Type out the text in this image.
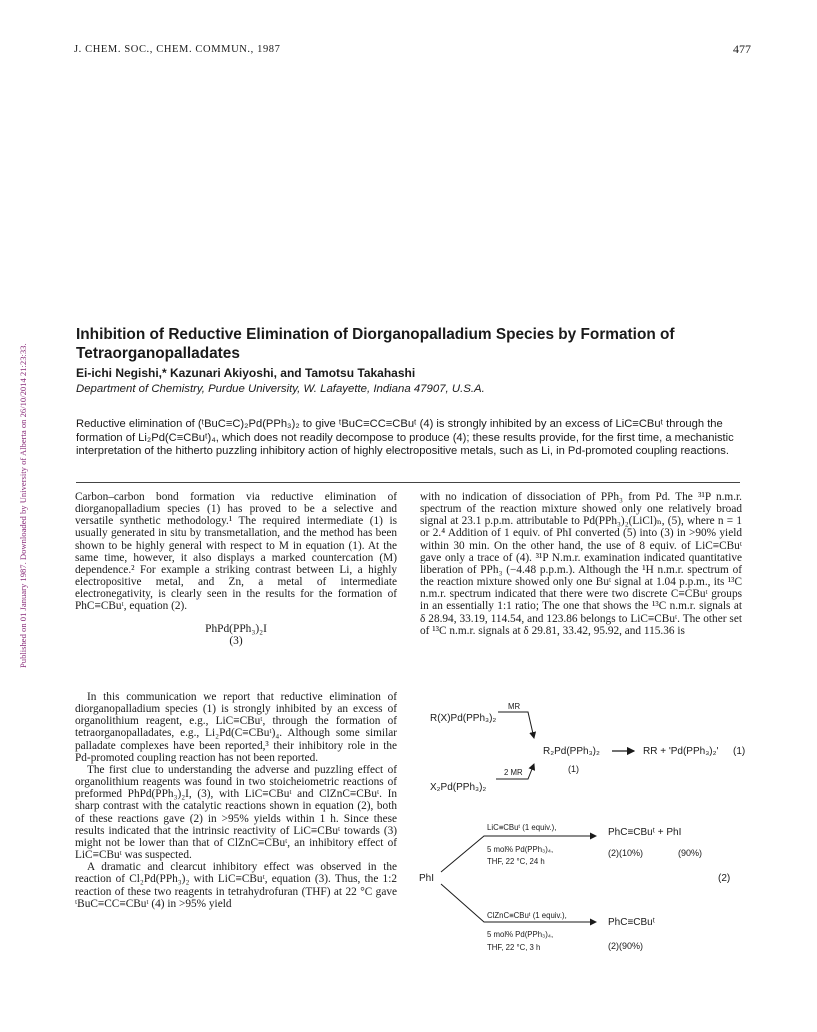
J. CHEM. SOC., CHEM. COMMUN., 1987	477
Published on 01 January 1987. Downloaded by University of Alberta on 26/10/2014 21:23:33.
Inhibition of Reductive Elimination of Diorganopalladium Species by Formation of Tetraorganopalladates
Ei-ichi Negishi,* Kazunari Akiyoshi, and Tamotsu Takahashi
Department of Chemistry, Purdue University, W. Lafayette, Indiana 47907, U.S.A.
Reductive elimination of (ᵗBuC≡C)₂Pd(PPh₃)₂ to give ᵗBuC≡CC≡CBuᵗ (4) is strongly inhibited by an excess of LiC≡CBuᵗ through the formation of Li₂Pd(C≡CBuᵗ)₄, which does not readily decompose to produce (4); these results provide, for the first time, a mechanistic interpretation of the hitherto puzzling inhibitory action of highly electropositive metals, such as Li, in Pd-promoted coupling reactions.

Carbon–carbon bond formation via reductive elimination of diorganopalladium species (1) has proved to be a selective and versatile synthetic methodology.¹ The required intermediate (1) is usually generated in situ by transmetallation, and the method has been shown to be highly general with respect to M in equation (1). At the same time, however, it also displays a marked countercation (M) dependence.² For example a striking contrast between Li, a highly electropositive metal, and Zn, a metal of intermediate electronegativity, is clearly seen in the results for the formation of PhC≡CBuᵗ, equation (2).

PhPd(PPh₃)₂I
(3)

In this communication we report that reductive elimination of diorganopalladium species (1) is strongly inhibited by an excess of organolithium reagent, e.g., LiC≡CBuᵗ, through the formation of tetraorganopalladates, e.g., Li₂Pd(C≡CBuᵗ)₄. Although some similar palladate complexes have been reported,³ their inhibitory role in the Pd-promoted coupling reaction has not been reported.

The first clue to understanding the adverse and puzzling effect of organolithium reagents was found in two stoicheiometric reactions of preformed PhPd(PPh₃)₂I, (3), with LiC≡CBuᵗ and ClZnC≡CBuᵗ. In sharp contrast with the catalytic reactions shown in equation (2), both of these reactions gave (2) in >95% yields within 1 h. Since these results indicated that the intrinsic reactivity of LiC≡CBuᵗ towards (3) might not be lower than that of ClZnC≡CBuᵗ, an inhibitory effect of LiC≡CBuᵗ was suspected.

A dramatic and clearcut inhibitory effect was observed in the reaction of Cl₂Pd(PPh₃)₂ with LiC≡CBuᵗ, equation (3). Thus, the 1:2 reaction of these two reagents in tetrahydrofuran (THF) at 22 °C gave ᵗBuC≡CC≡CBuᵗ (4) in >95% yield

with no indication of dissociation of PPh₃ from Pd. The ³¹P n.m.r. spectrum of the reaction mixture showed only one relatively broad signal at 23.1 p.p.m. attributable to Pd(PPh₃)₂(LiCl)ₙ, (5), where n = 1 or 2.⁴ Addition of 1 equiv. of PhI converted (5) into (3) in >90% yield within 30 min. On the other hand, the use of 8 equiv. of LiC≡CBuᵗ gave only a trace of (4). ³¹P N.m.r. examination indicated quantitative liberation of PPh₃ (−4.48 p.p.m.). Although the ¹H n.m.r. spectrum of the reaction mixture showed only one Buᵗ signal at 1.04 p.p.m., its ¹³C n.m.r. spectrum indicated that there were two discrete C≡CBuᵗ groups in an essentially 1:1 ratio; The one that shows the ¹³C n.m.r. signals at δ 28.94, 33.19, 114.54, and 123.86 belongs to LiC≡CBuᵗ. The other set of ¹³C n.m.r. signals at δ 29.81, 33.42, 95.92, and 115.36 is

R(X)Pd(PPh₃)₂
MR
X₂Pd(PPh₃)₂
2 MR
R₂Pd(PPh₃)₂
(1)
RR + 'Pd(PPh₃)₂' (1)
PhI	(2)
LiC≡CBuᵗ (1 equiv.),
5 mol% Pd(PPh₃)₄,
THF, 22 °C, 24 h
PhC≡CBuᵗ + PhI
(2)(10%)	(90%)
ClZnC≡CBuᵗ (1 equiv.),
5 mol% Pd(PPh₃)₄,
THF, 22 °C, 3 h
PhC≡CBuᵗ
(2)(90%)
